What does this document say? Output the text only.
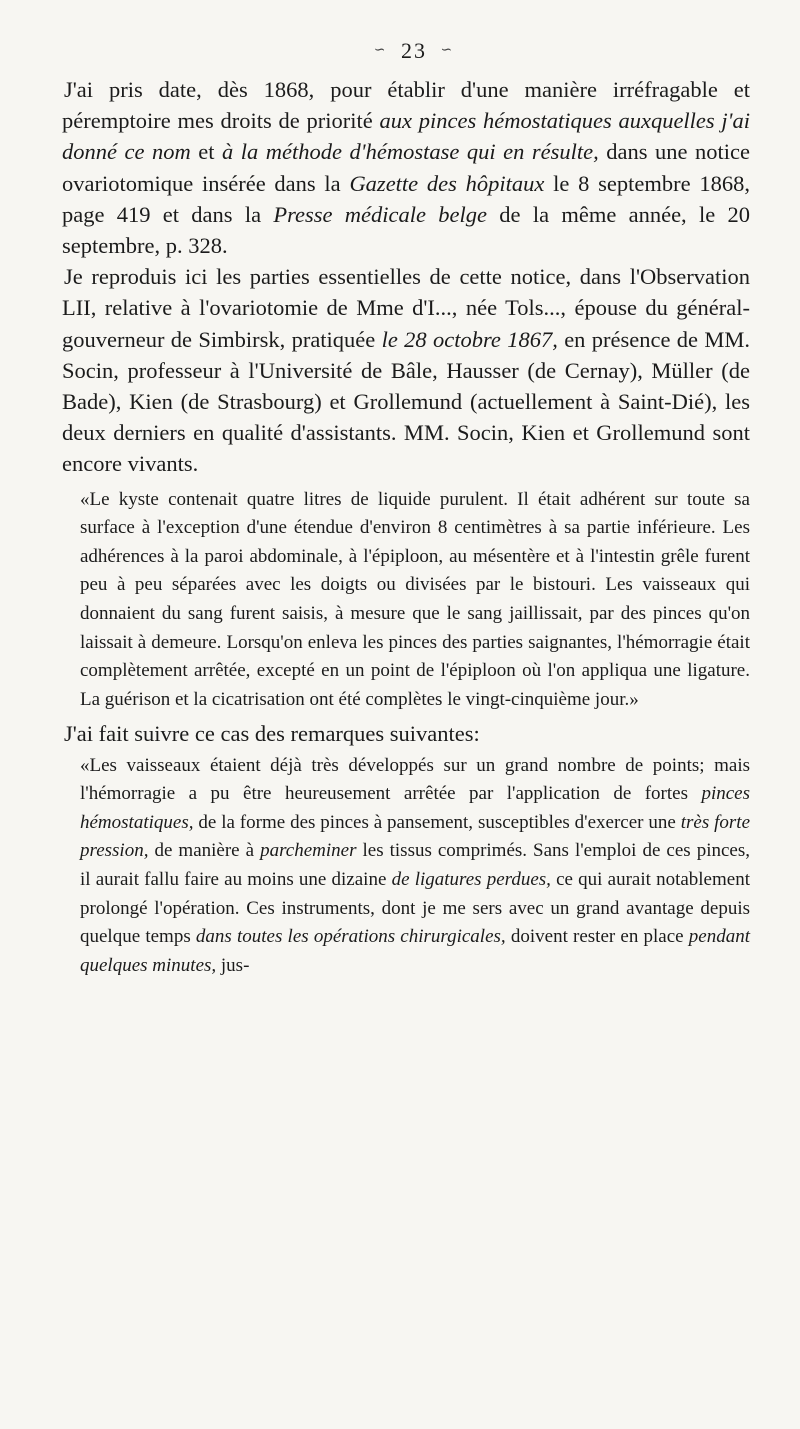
∽ 23 ∽

J'ai pris date, dès 1868, pour établir d'une manière irréfragable et péremptoire mes droits de priorité aux pinces hémostatiques auxquelles j'ai donné ce nom et à la méthode d'hémostase qui en résulte, dans une notice ovariotomique insérée dans la Gazette des hôpitaux le 8 septembre 1868, page 419 et dans la Presse médicale belge de la même année, le 20 septembre, p. 328.

Je reproduis ici les parties essentielles de cette notice, dans l'Observation LII, relative à l'ovariotomie de Mme d'I..., née Tols..., épouse du général-gouverneur de Simbirsk, pratiquée le 28 octobre 1867, en présence de MM. Socin, professeur à l'Université de Bâle, Hausser (de Cernay), Müller (de Bade), Kien (de Strasbourg) et Grollemund (actuellement à Saint-Dié), les deux derniers en qualité d'assistants. MM. Socin, Kien et Grollemund sont encore vivants.

«Le kyste contenait quatre litres de liquide purulent. Il était adhérent sur toute sa surface à l'exception d'une étendue d'environ 8 centimètres à sa partie inférieure. Les adhérences à la paroi abdominale, à l'épiploon, au mésentère et à l'intestin grêle furent peu à peu séparées avec les doigts ou divisées par le bistouri. Les vaisseaux qui donnaient du sang furent saisis, à mesure que le sang jaillissait, par des pinces qu'on laissait à demeure. Lorsqu'on enleva les pinces des parties saignantes, l'hémorragie était complètement arrêtée, excepté en un point de l'épiploon où l'on appliqua une ligature. La guérison et la cicatrisation ont été complètes le vingt-cinquième jour.»

J'ai fait suivre ce cas des remarques suivantes:

«Les vaisseaux étaient déjà très développés sur un grand nombre de points; mais l'hémorragie a pu être heureusement arrêtée par l'application de fortes pinces hémostatiques, de la forme des pinces à pansement, susceptibles d'exercer une très forte pression, de manière à parcheminer les tissus comprimés. Sans l'emploi de ces pinces, il aurait fallu faire au moins une dizaine de ligatures perdues, ce qui aurait notablement prolongé l'opération. Ces instruments, dont je me sers avec un grand avantage depuis quelque temps dans toutes les opérations chirurgicales, doivent rester en place pendant quelques minutes, jus-
